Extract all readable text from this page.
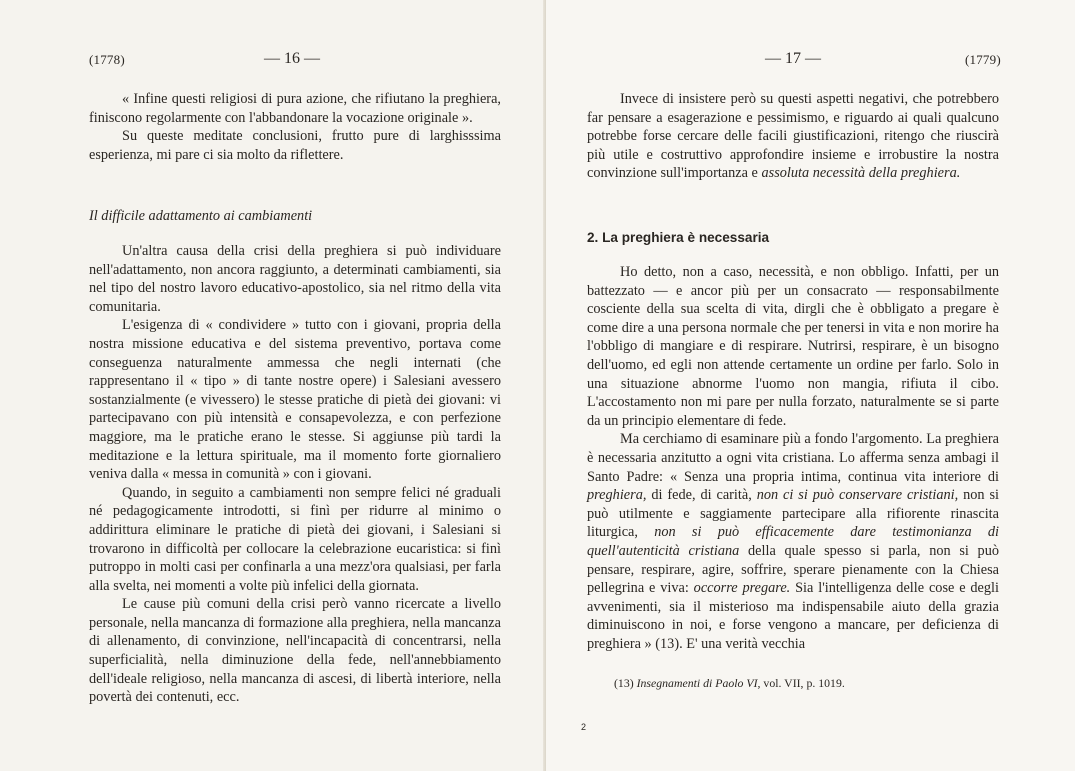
(1778)	— 16 —

« Infine questi religiosi di pura azione, che rifiutano la preghiera, finiscono regolarmente con l'abbandonare la vocazione originale ».

Su queste meditate conclusioni, frutto pure di larghisssima esperienza, mi pare ci sia molto da riflettere.

Il difficile adattamento ai cambiamenti

Un'altra causa della crisi della preghiera si può individuare nell'adattamento, non ancora raggiunto, a determinati cambiamenti, sia nel tipo del nostro lavoro educativo-apostolico, sia nel ritmo della vita comunitaria.

L'esigenza di « condividere » tutto con i giovani, propria della nostra missione educativa e del sistema preventivo, portava come conseguenza naturalmente ammessa che negli internati (che rappresentano il « tipo » di tante nostre opere) i Salesiani avessero sostanzialmente (e vivessero) le stesse pratiche di pietà dei giovani: vi partecipavano con più intensità e consapevolezza, e con perfezione maggiore, ma le pratiche erano le stesse. Si aggiunse più tardi la meditazione e la lettura spirituale, ma il momento forte giornaliero veniva dalla « messa in comunità » con i giovani.

Quando, in seguito a cambiamenti non sempre felici né graduali né pedagogicamente introdotti, si finì per ridurre al minimo o addirittura eliminare le pratiche di pietà dei giovani, i Salesiani si trovarono in difficoltà per collocare la celebrazione eucaristica: si finì putroppo in molti casi per confinarla a una mezz'ora qualsiasi, per farla alla svelta, nei momenti a volte più infelici della giornata.

Le cause più comuni della crisi però vanno ricercate a livello personale, nella mancanza di formazione alla preghiera, nella mancanza di allenamento, di convinzione, nell'incapacità di concentrarsi, nella superficialità, nella diminuzione della fede, nell'annebbiamento dell'ideale religioso, nella mancanza di ascesi, di libertà interiore, nella povertà dei contenuti, ecc.

— 17 —	(1779)

Invece di insistere però su questi aspetti negativi, che potrebbero far pensare a esagerazione e pessimismo, e riguardo ai quali qualcuno potrebbe forse cercare delle facili giustificazioni, ritengo che riuscirà più utile e costruttivo approfondire insieme e irrobustire la nostra convinzione sull'importanza e assoluta necessità della preghiera.

2. La preghiera è necessaria

Ho detto, non a caso, necessità, e non obbligo. Infatti, per un battezzato — e ancor più per un consacrato — responsabilmente cosciente della sua scelta di vita, dirgli che è obbligato a pregare è come dire a una persona normale che per tenersi in vita e non morire ha l'obbligo di mangiare e di respirare. Nutrirsi, respirare, è un bisogno dell'uomo, ed egli non attende certamente un ordine per farlo. Solo in una situazione abnorme l'uomo non mangia, rifiuta il cibo. L'accostamento non mi pare per nulla forzato, naturalmente se si parte da un principio elementare di fede.

Ma cerchiamo di esaminare più a fondo l'argomento. La preghiera è necessaria anzitutto a ogni vita cristiana. Lo afferma senza ambagi il Santo Padre: « Senza una propria intima, continua vita interiore di preghiera, di fede, di carità, non ci si può conservare cristiani, non si può utilmente e saggiamente partecipare alla rifiorente rinascita liturgica, non si può efficacemente dare testimonianza di quell'autenticità cristiana della quale spesso si parla, non si può pensare, respirare, agire, soffrire, sperare pienamente con la Chiesa pellegrina e viva: occorre pregare. Sia l'intelligenza delle cose e degli avvenimenti, sia il misterioso ma indispensabile aiuto della grazia diminuiscono in noi, e forse vengono a mancare, per deficienza di preghiera » (13). E' una verità vecchia

(13) Insegnamenti di Paolo VI, vol. VII, p. 1019.
2
